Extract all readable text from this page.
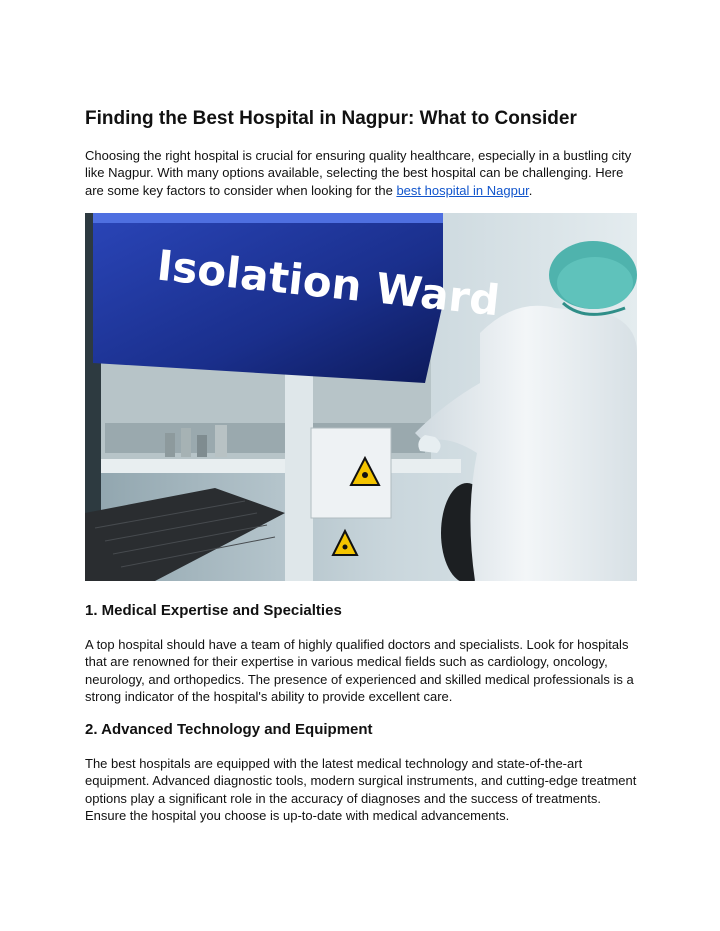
Finding the Best Hospital in Nagpur: What to Consider

Choosing the right hospital is crucial for ensuring quality healthcare, especially in a bustling city like Nagpur. With many options available, selecting the best hospital can be challenging. Here are some key factors to consider when looking for the best hospital in Nagpur.

Isolation Ward
1. Medical Expertise and Specialties

A top hospital should have a team of highly qualified doctors and specialists. Look for hospitals that are renowned for their expertise in various medical fields such as cardiology, oncology, neurology, and orthopedics. The presence of experienced and skilled medical professionals is a strong indicator of the hospital's ability to provide excellent care.

2. Advanced Technology and Equipment

The best hospitals are equipped with the latest medical technology and state-of-the-art equipment. Advanced diagnostic tools, modern surgical instruments, and cutting-edge treatment options play a significant role in the accuracy of diagnoses and the success of treatments. Ensure the hospital you choose is up-to-date with medical advancements.
